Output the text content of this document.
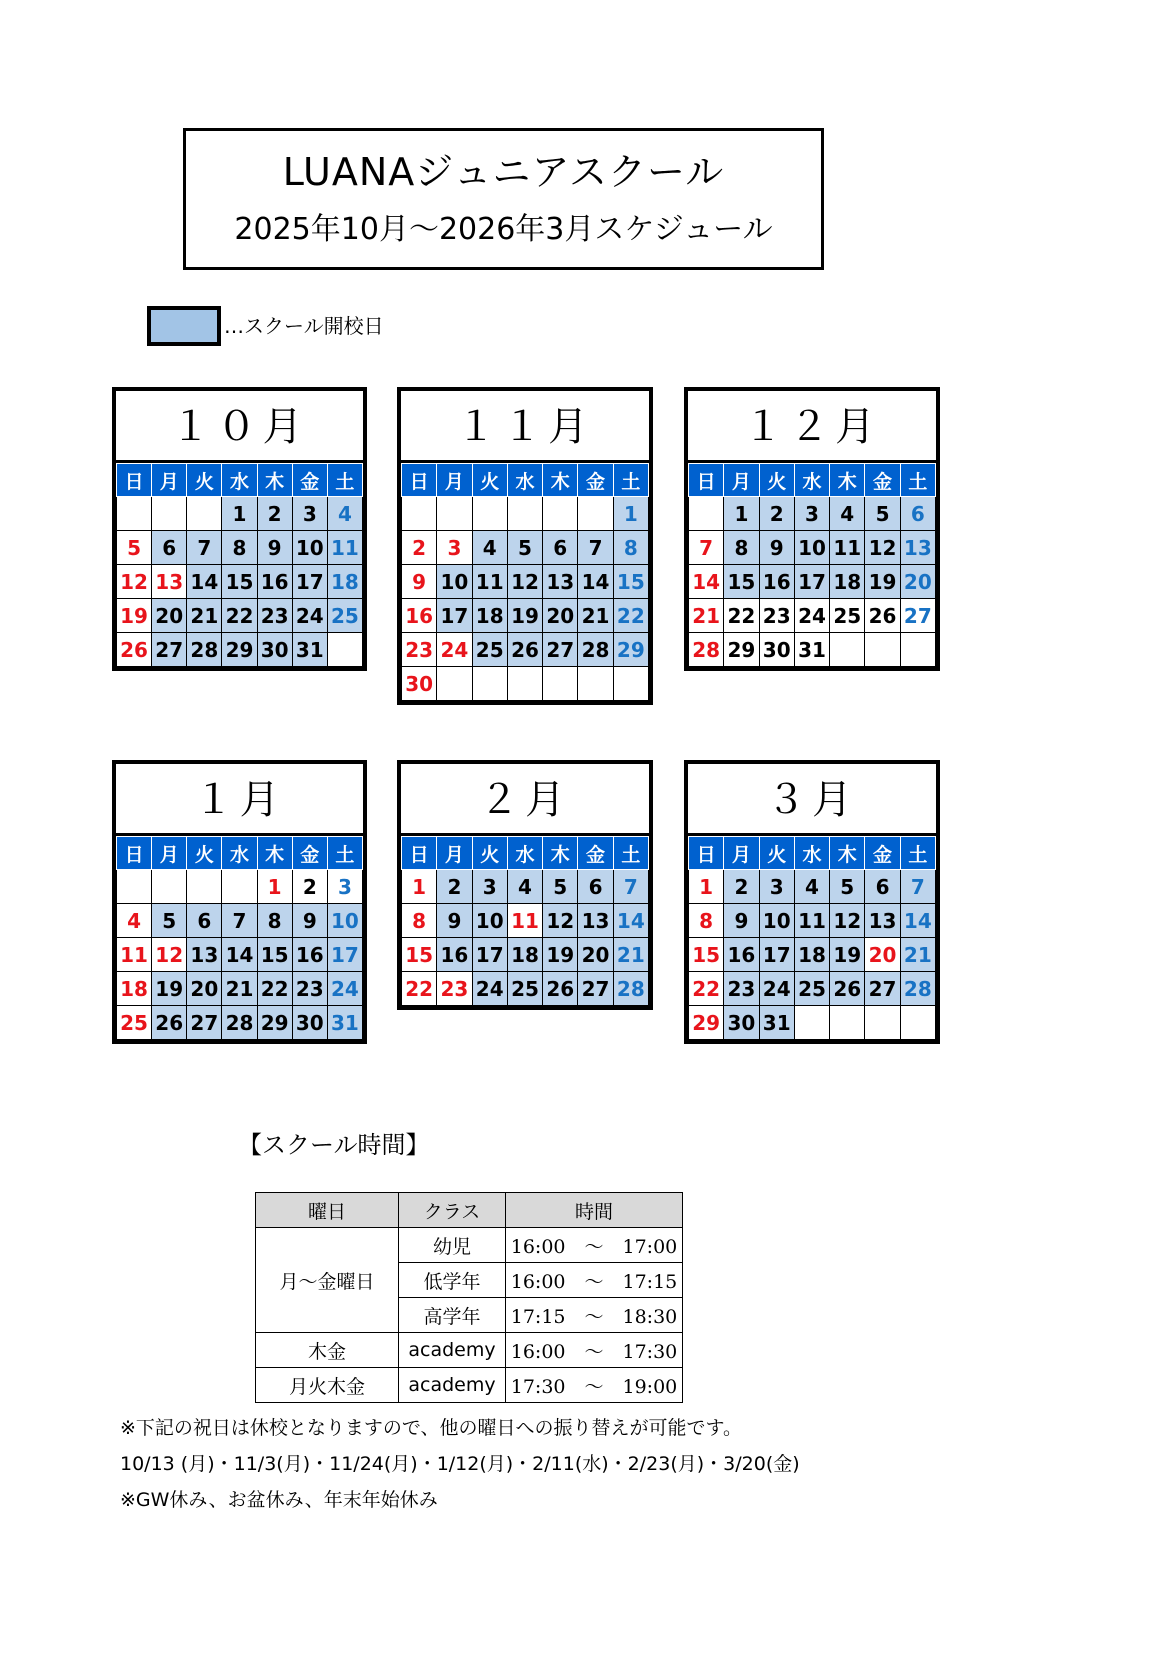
LUANAジュニアスクール
2025年10月～2026年3月スケジュール
…スクール開校日
１０月
日	月	火	水	木	金	土
			1	2	3	4
5	6	7	8	9	10	11
12	13	14	15	16	17	18
19	20	21	22	23	24	25
26	27	28	29	30	31	
１１月
日	月	火	水	木	金	土
						1
2	3	4	5	6	7	8
9	10	11	12	13	14	15
16	17	18	19	20	21	22
23	24	25	26	27	28	29
30						
１２月
日	月	火	水	木	金	土
	1	2	3	4	5	6
7	8	9	10	11	12	13
14	15	16	17	18	19	20
21	22	23	24	25	26	27
28	29	30	31			
１月
日	月	火	水	木	金	土
				1	2	3
4	5	6	7	8	9	10
11	12	13	14	15	16	17
18	19	20	21	22	23	24
25	26	27	28	29	30	31
２月
日	月	火	水	木	金	土
1	2	3	4	5	6	7
8	9	10	11	12	13	14
15	16	17	18	19	20	21
22	23	24	25	26	27	28
３月
日	月	火	水	木	金	土
1	2	3	4	5	6	7
8	9	10	11	12	13	14
15	16	17	18	19	20	21
22	23	24	25	26	27	28
29	30	31				
【スクール時間】
曜日	クラス	時間
月～金曜日	幼児	16:00　～　17:00
	低学年	16:00　～　17:15
	高学年	17:15　～　18:30
木金	academy	16:00　～　17:30
月火木金	academy	17:30　～　19:00
※下記の祝日は休校となりますので、他の曜日への振り替えが可能です。
10/13 (月)・11/3(月)・11/24(月)・1/12(月)・2/11(水)・2/23(月)・3/20(金)
※GW休み、お盆休み、年末年始休み
